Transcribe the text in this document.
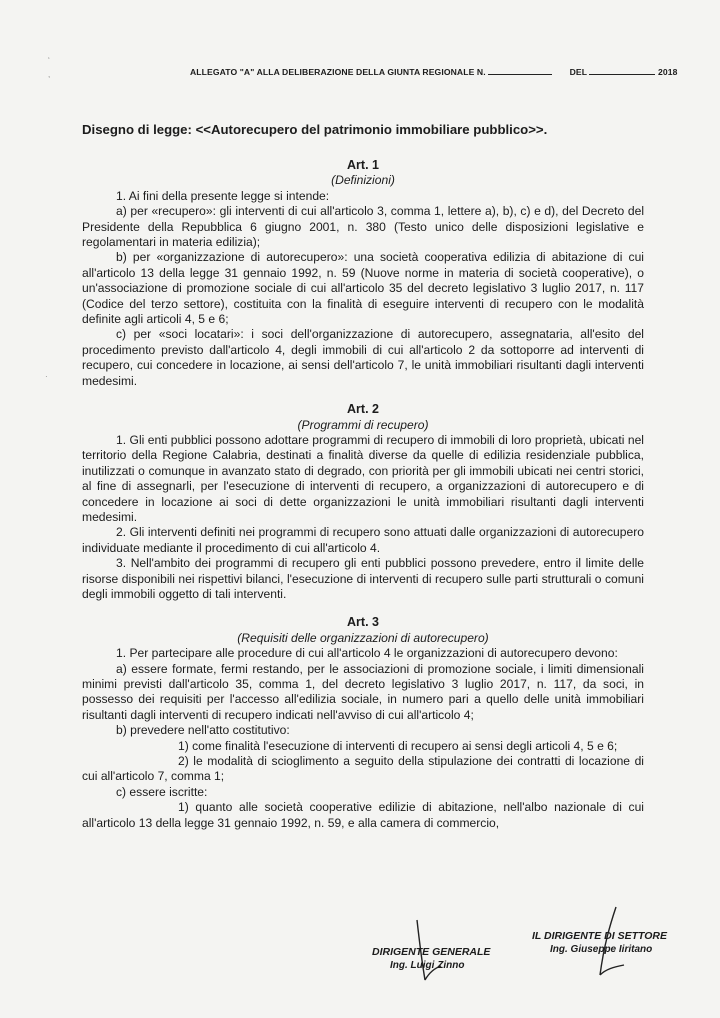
‘
,
·
ALLEGATO "A" ALLA DELIBERAZIONE DELLA GIUNTA REGIONALE N.	DEL	2018
Disegno di legge: <<Autorecupero del patrimonio immobiliare pubblico>>.
Art. 1
(Definizioni)
1. Ai fini della presente legge si intende:
a) per «recupero»: gli interventi di cui all'articolo 3, comma 1, lettere a), b), c) e d), del Decreto del Presidente della Repubblica 6 giugno 2001, n. 380 (Testo unico delle disposizioni legislative e regolamentari in materia edilizia);
b) per «organizzazione di autorecupero»: una società cooperativa edilizia di abitazione di cui all'articolo 13 della legge 31 gennaio 1992, n. 59 (Nuove norme in materia di società cooperative), o un'associazione di promozione sociale di cui all'articolo 35 del decreto legislativo 3 luglio 2017, n. 117 (Codice del terzo settore), costituita con la finalità di eseguire interventi di recupero con le modalità definite agli articoli 4, 5 e 6;
c) per «soci locatari»: i soci dell'organizzazione di autorecupero, assegnataria, all'esito del procedimento previsto dall'articolo 4, degli immobili di cui all'articolo 2 da sottoporre ad interventi di recupero, cui concedere in locazione, ai sensi dell'articolo 7, le unità immobiliari risultanti dagli interventi medesimi.
Art. 2
(Programmi di recupero)
1. Gli enti pubblici possono adottare programmi di recupero di immobili di loro proprietà, ubicati nel territorio della Regione Calabria, destinati a finalità diverse da quelle di edilizia residenziale pubblica, inutilizzati o comunque in avanzato stato di degrado, con priorità per gli immobili ubicati nei centri storici, al fine di assegnarli, per l'esecuzione di interventi di recupero, a organizzazioni di autorecupero e di concedere in locazione ai soci di dette organizzazioni le unità immobiliari risultanti dagli interventi medesimi.
2. Gli interventi definiti nei programmi di recupero sono attuati dalle organizzazioni di autorecupero individuate mediante il procedimento di cui all'articolo 4.
3. Nell'ambito dei programmi di recupero gli enti pubblici possono prevedere, entro il limite delle risorse disponibili nei rispettivi bilanci, l'esecuzione di interventi di recupero sulle parti strutturali o comuni degli immobili oggetto di tali interventi.
Art. 3
(Requisiti delle organizzazioni di autorecupero)
1. Per partecipare alle procedure di cui all'articolo 4 le organizzazioni di autorecupero devono:
a) essere formate, fermi restando, per le associazioni di promozione sociale, i limiti dimensionali minimi previsti dall'articolo 35, comma 1, del decreto legislativo 3 luglio 2017, n. 117, da soci, in possesso dei requisiti per l'accesso all'edilizia sociale, in numero pari a quello delle unità immobiliari risultanti dagli interventi di recupero indicati nell'avviso di cui all'articolo 4;
b) prevedere nell'atto costitutivo:
1) come finalità l'esecuzione di interventi di recupero ai sensi degli articoli 4, 5 e 6;
2) le modalità di scioglimento a seguito della stipulazione dei contratti di locazione di cui all'articolo 7, comma 1;
c) essere iscritte:
1) quanto alle società cooperative edilizie di abitazione, nell'albo nazionale di cui all'articolo 13 della legge 31 gennaio 1992, n. 59, e alla camera di commercio,
DIRIGENTE GENERALE
Ing. Luigi Zinno
IL DIRIGENTE DI SETTORE
Ing. Giuseppe Iiritano
